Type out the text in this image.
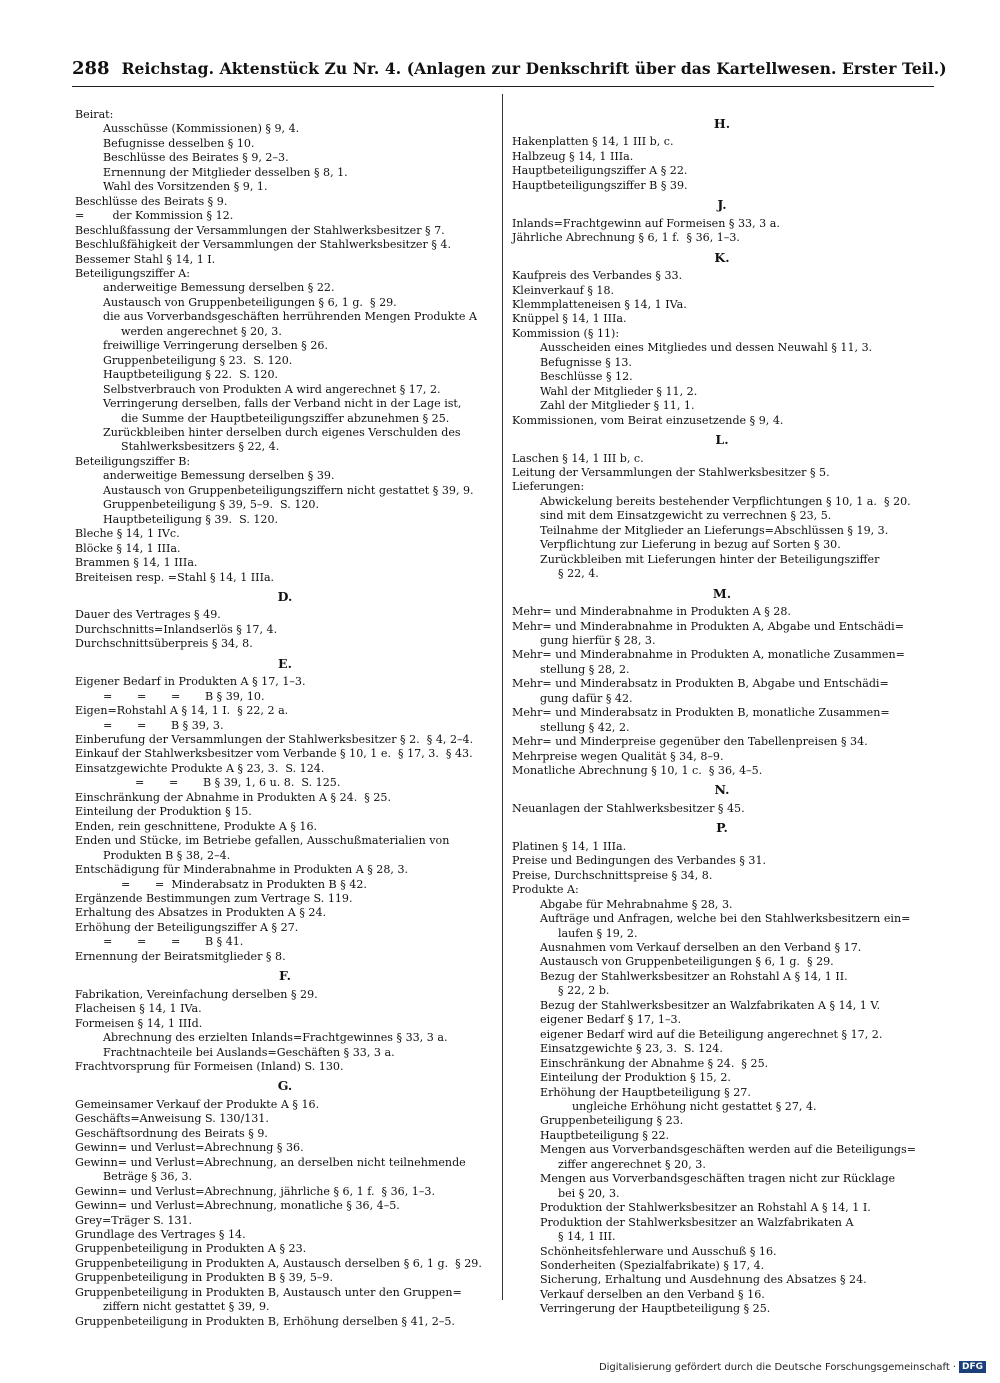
288 Reichstag. Aktenstück Zu Nr. 4. (Anlagen zur Denkschrift über das Kartellwesen. Erster Teil.)
Beirat:
Ausschüsse (Kommissionen) § 9, 4.
Befugnisse desselben § 10.
Beschlüsse des Beirates § 9, 2–3.
Ernennung der Mitglieder desselben § 8, 1.
Wahl des Vorsitzenden § 9, 1.
Beschlüsse des Beirats § 9.
=        der Kommission § 12.
Beschlußfassung der Versammlungen der Stahlwerksbesitzer § 7.
Beschlußfähigkeit der Versammlungen der Stahlwerksbesitzer § 4.
Bessemer Stahl § 14, 1 I.
Beteiligungsziffer A:
anderweitige Bemessung derselben § 22.
Austausch von Gruppenbeteiligungen § 6, 1 g.  § 29.
die aus Vorverbandsgeschäften herrührenden Mengen Produkte A
werden angerechnet § 20, 3.
freiwillige Verringerung derselben § 26.
Gruppenbeteiligung § 23.  S. 120.
Hauptbeteiligung § 22.  S. 120.
Selbstverbrauch von Produkten A wird angerechnet § 17, 2.
Verringerung derselben, falls der Verband nicht in der Lage ist,
die Summe der Hauptbeteiligungsziffer abzunehmen § 25.
Zurückbleiben hinter derselben durch eigenes Verschulden des
Stahlwerksbesitzers § 22, 4.
Beteiligungsziffer B:
anderweitige Bemessung derselben § 39.
Austausch von Gruppenbeteiligungsziffern nicht gestattet § 39, 9.
Gruppenbeteiligung § 39, 5–9.  S. 120.
Hauptbeteiligung § 39.  S. 120.
Bleche § 14, 1 IVc.
Blöcke § 14, 1 IIIa.
Brammen § 14, 1 IIIa.
Breiteisen resp. =Stahl § 14, 1 IIIa.
D.
Dauer des Vertrages § 49.
Durchschnitts=Inlandserlös § 17, 4.
Durchschnittsüberpreis § 34, 8.
E.
Eigener Bedarf in Produkten A § 17, 1–3.
=       =       =       B § 39, 10.
Eigen=Rohstahl A § 14, 1 I.  § 22, 2 a.
=       =       B § 39, 3.
Einberufung der Versammlungen der Stahlwerksbesitzer § 2.  § 4, 2–4.
Einkauf der Stahlwerksbesitzer vom Verbande § 10, 1 e.  § 17, 3.  § 43.
Einsatzgewichte Produkte A § 23, 3.  S. 124.
=       =       B § 39, 1, 6 u. 8.  S. 125.
Einschränkung der Abnahme in Produkten A § 24.  § 25.
Einteilung der Produktion § 15.
Enden, rein geschnittene, Produkte A § 16.
Enden und Stücke, im Betriebe gefallen, Ausschußmaterialien von
Produkten B § 38, 2–4.
Entschädigung für Minderabnahme in Produkten A § 28, 3.
=       =  Minderabsatz in Produkten B § 42.
Ergänzende Bestimmungen zum Vertrage S. 119.
Erhaltung des Absatzes in Produkten A § 24.
Erhöhung der Beteiligungsziffer A § 27.
=       =       =       B § 41.
Ernennung der Beiratsmitglieder § 8.
F.
Fabrikation, Vereinfachung derselben § 29.
Flacheisen § 14, 1 IVa.
Formeisen § 14, 1 IIId.
Abrechnung des erzielten Inlands=Frachtgewinnes § 33, 3 a.
Frachtnachteile bei Auslands=Geschäften § 33, 3 a.
Frachtvorsprung für Formeisen (Inland) S. 130.
G.
Gemeinsamer Verkauf der Produkte A § 16.
Geschäfts=Anweisung S. 130/131.
Geschäftsordnung des Beirats § 9.
Gewinn= und Verlust=Abrechnung § 36.
Gewinn= und Verlust=Abrechnung, an derselben nicht teilnehmende
Beträge § 36, 3.
Gewinn= und Verlust=Abrechnung, jährliche § 6, 1 f.  § 36, 1–3.
Gewinn= und Verlust=Abrechnung, monatliche § 36, 4–5.
Grey=Träger S. 131.
Grundlage des Vertrages § 14.
Gruppenbeteiligung in Produkten A § 23.
Gruppenbeteiligung in Produkten A, Austausch derselben § 6, 1 g.  § 29.
Gruppenbeteiligung in Produkten B § 39, 5–9.
Gruppenbeteiligung in Produkten B, Austausch unter den Gruppen=
ziffern nicht gestattet § 39, 9.
Gruppenbeteiligung in Produkten B, Erhöhung derselben § 41, 2–5.
H.
Hakenplatten § 14, 1 III b, c.
Halbzeug § 14, 1 IIIa.
Hauptbeteiligungsziffer A § 22.
Hauptbeteiligungsziffer B § 39.
J.
Inlands=Frachtgewinn auf Formeisen § 33, 3 a.
Jährliche Abrechnung § 6, 1 f.  § 36, 1–3.
K.
Kaufpreis des Verbandes § 33.
Kleinverkauf § 18.
Klemmplatteneisen § 14, 1 IVa.
Knüppel § 14, 1 IIIa.
Kommission (§ 11):
Ausscheiden eines Mitgliedes und dessen Neuwahl § 11, 3.
Befugnisse § 13.
Beschlüsse § 12.
Wahl der Mitglieder § 11, 2.
Zahl der Mitglieder § 11, 1.
Kommissionen, vom Beirat einzusetzende § 9, 4.
L.
Laschen § 14, 1 III b, c.
Leitung der Versammlungen der Stahlwerksbesitzer § 5.
Lieferungen:
Abwickelung bereits bestehender Verpflichtungen § 10, 1 a.  § 20.
sind mit dem Einsatzgewicht zu verrechnen § 23, 5.
Teilnahme der Mitglieder an Lieferungs=Abschlüssen § 19, 3.
Verpflichtung zur Lieferung in bezug auf Sorten § 30.
Zurückbleiben mit Lieferungen hinter der Beteiligungsziffer
§ 22, 4.
M.
Mehr= und Minderabnahme in Produkten A § 28.
Mehr= und Minderabnahme in Produkten A, Abgabe und Entschädi=
gung hierfür § 28, 3.
Mehr= und Minderabnahme in Produkten A, monatliche Zusammen=
stellung § 28, 2.
Mehr= und Minderabsatz in Produkten B, Abgabe und Entschädi=
gung dafür § 42.
Mehr= und Minderabsatz in Produkten B, monatliche Zusammen=
stellung § 42, 2.
Mehr= und Minderpreise gegenüber den Tabellenpreisen § 34.
Mehrpreise wegen Qualität § 34, 8–9.
Monatliche Abrechnung § 10, 1 c.  § 36, 4–5.
N.
Neuanlagen der Stahlwerksbesitzer § 45.
P.
Platinen § 14, 1 IIIa.
Preise und Bedingungen des Verbandes § 31.
Preise, Durchschnittspreise § 34, 8.
Produkte A:
Abgabe für Mehrabnahme § 28, 3.
Aufträge und Anfragen, welche bei den Stahlwerksbesitzern ein=
laufen § 19, 2.
Ausnahmen vom Verkauf derselben an den Verband § 17.
Austausch von Gruppenbeteiligungen § 6, 1 g.  § 29.
Bezug der Stahlwerksbesitzer an Rohstahl A § 14, 1 II.
§ 22, 2 b.
Bezug der Stahlwerksbesitzer an Walzfabrikaten A § 14, 1 V.
eigener Bedarf § 17, 1–3.
eigener Bedarf wird auf die Beteiligung angerechnet § 17, 2.
Einsatzgewichte § 23, 3.  S. 124.
Einschränkung der Abnahme § 24.  § 25.
Einteilung der Produktion § 15, 2.
Erhöhung der Hauptbeteiligung § 27.
ungleiche Erhöhung nicht gestattet § 27, 4.
Gruppenbeteiligung § 23.
Hauptbeteiligung § 22.
Mengen aus Vorverbandsgeschäften werden auf die Beteiligungs=
ziffer angerechnet § 20, 3.
Mengen aus Vorverbandsgeschäften tragen nicht zur Rücklage
bei § 20, 3.
Produktion der Stahlwerksbesitzer an Rohstahl A § 14, 1 I.
Produktion der Stahlwerksbesitzer an Walzfabrikaten A
§ 14, 1 III.
Schönheitsfehlerware und Ausschuß § 16.
Sonderheiten (Spezialfabrikate) § 17, 4.
Sicherung, Erhaltung und Ausdehnung des Absatzes § 24.
Verkauf derselben an den Verband § 16.
Verringerung der Hauptbeteiligung § 25.
Digitalisierung gefördert durch die Deutsche Forschungsgemeinschaft · DFG
